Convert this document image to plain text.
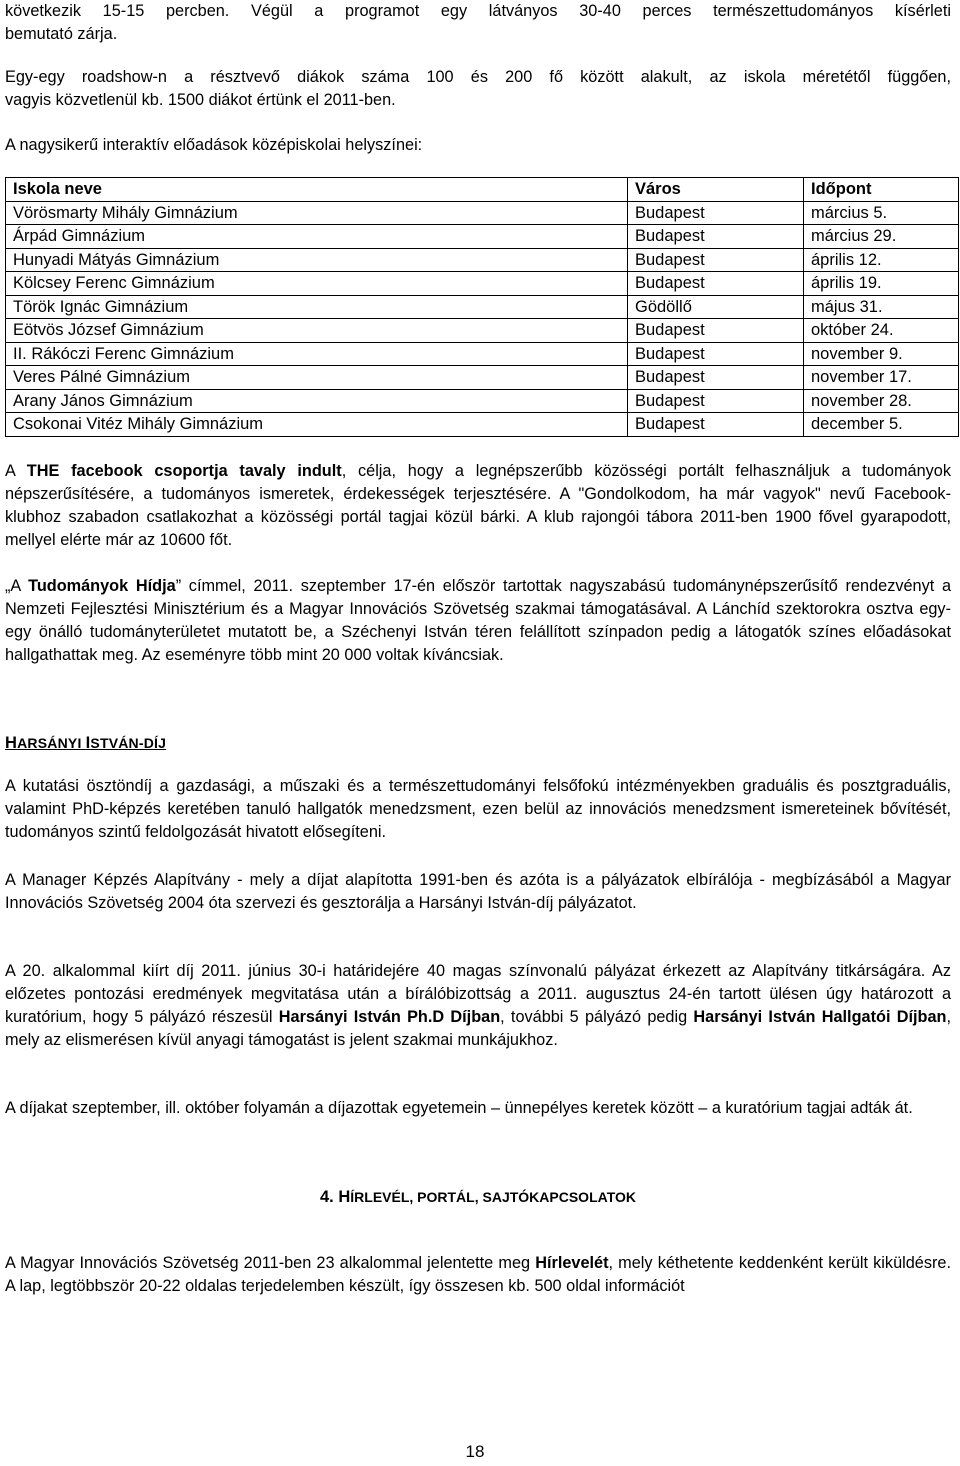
következik 15-15 percben. Végül a programot egy látványos 30-40 perces természettudományos kísérleti

bemutató zárja.

Egy-egy roadshow-n a résztvevő diákok száma 100 és 200 fő között alakult, az iskola méretétől függően,

vagyis közvetlenül kb. 1500 diákot értünk el 2011-ben.

A nagysikerű interaktív előadások középiskolai helyszínei:

Iskola neve	Város	Időpont
Vörösmarty Mihály Gimnázium	Budapest	március 5.
Árpád Gimnázium	Budapest	március 29.
Hunyadi Mátyás Gimnázium	Budapest	április 12.
Kölcsey Ferenc Gimnázium	Budapest	április 19.
Török Ignác Gimnázium	Gödöllő	május 31.
Eötvös József Gimnázium	Budapest	október 24.
II. Rákóczi Ferenc Gimnázium	Budapest	november 9.
Veres Pálné Gimnázium	Budapest	november 17.
Arany János Gimnázium	Budapest	november 28.
Csokonai Vitéz Mihály Gimnázium	Budapest	december 5.

A THE facebook csoportja tavaly indult, célja, hogy a legnépszerűbb közösségi portált felhasználjuk a tudományok népszerűsítésére, a tudományos ismeretek, érdekességek terjesztésére. A "Gondolkodom, ha már vagyok" nevű Facebook-klubhoz szabadon csatlakozhat a közösségi portál tagjai közül bárki. A klub rajongói tábora 2011-ben 1900 fővel gyarapodott, mellyel elérte már az 10600 főt.

„A Tudományok Hídja” címmel, 2011. szeptember 17-én először tartottak nagyszabású tudománynépszerűsítő rendezvényt a Nemzeti Fejlesztési Minisztérium és a Magyar Innovációs Szövetség szakmai támogatásával. A Lánchíd szektorokra osztva egy-egy önálló tudományterületet mutatott be, a Széchenyi István téren felállított színpadon pedig a látogatók színes előadásokat hallgathattak meg. Az eseményre több mint 20 000 voltak kíváncsiak.

HARSÁNYI ISTVÁN-DÍJ

A kutatási ösztöndíj a gazdasági, a műszaki és a természettudományi felsőfokú intézményekben graduális és posztgraduális, valamint PhD-képzés keretében tanuló hallgatók menedzsment, ezen belül az innovációs menedzsment ismereteinek bővítését, tudományos szintű feldolgozását hivatott elősegíteni.

A Manager Képzés Alapítvány - mely a díjat alapította 1991-ben és azóta is a pályázatok elbírálója - megbízásából a Magyar Innovációs Szövetség 2004 óta szervezi és gesztorálja a Harsányi István-díj pályázatot.

A 20. alkalommal kiírt díj 2011. június 30-i határidejére 40 magas színvonalú pályázat érkezett az Alapítvány titkárságára. Az előzetes pontozási eredmények megvitatása után a bírálóbizottság a 2011. augusztus 24-én tartott ülésen úgy határozott a kuratórium, hogy 5 pályázó részesül Harsányi István Ph.D Díjban, további 5 pályázó pedig Harsányi István Hallgatói Díjban, mely az elismerésen kívül anyagi támogatást is jelent szakmai munkájukhoz.

A díjakat szeptember, ill. október folyamán a díjazottak egyetemein – ünnepélyes keretek között – a kuratórium tagjai adták át.

4. HÍRLEVÉL, PORTÁL, SAJTÓKAPCSOLATOK

A Magyar Innovációs Szövetség 2011-ben 23 alkalommal jelentette meg Hírlevelét, mely kéthetente keddenként került kiküldésre. A lap, legtöbbször 20-22 oldalas terjedelemben készült, így összesen kb. 500 oldal információt

18
